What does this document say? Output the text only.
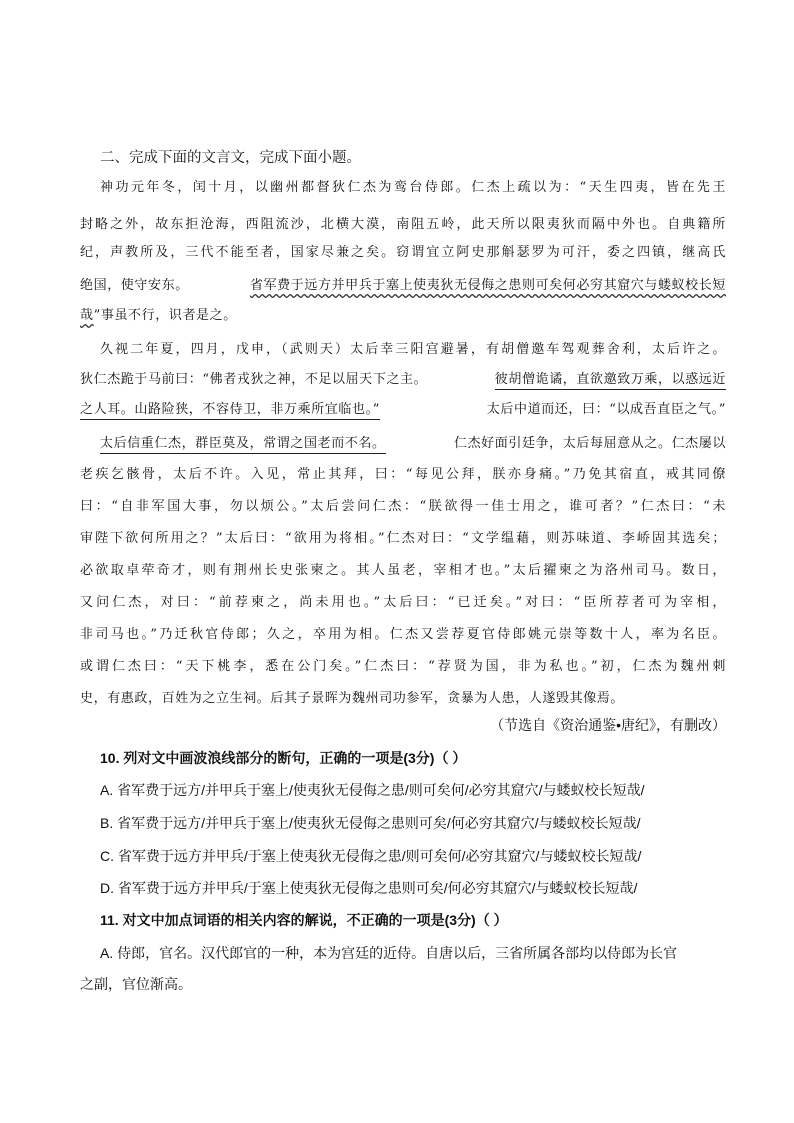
二、完成下面的文言文，完成下面小题。
神功元年冬，闰十月，以幽州都督狄仁杰为鸾台侍郎。仁杰上疏以为：“天生四夷，皆在先王
封略之外，故东拒沧海，西阻流沙，北横大漠，南阻五岭，此天所以限夷狄而隔中外也。自典籍所
纪，声教所及，三代不能至者，国家尽兼之矣。窃谓宜立阿史那斛瑟罗为可汗，委之四镇，继高氏
绝国，使守安东。	省军费于远方并甲兵于塞上使夷狄无侵侮之患则可矣何必穷其窟穴与蝼蚁校长短
哉”事虽不行，识者是之。
久视二年夏，四月，戊申，（武则天）太后幸三阳宫避暑，有胡僧邀车驾观葬舍利，太后许之。
狄仁杰跪于马前曰：“佛者戎狄之神，不足以屈天下之主。	彼胡僧诡谲，直欲邀致万乘，以惑远近
之人耳。山路险狭，不容侍卫，非万乘所宜临也。”	太后中道而还，曰：“以成吾直臣之气。”
太后信重仁杰，群臣莫及，常谓之国老而不名。	仁杰好面引廷争，太后每屈意从之。仁杰屡以
老疾乞骸骨，太后不许。入见，常止其拜，曰：“每见公拜，朕亦身痛。”乃免其宿直，戒其同僚
曰：“自非军国大事，勿以烦公。”太后尝问仁杰：“朕欲得一佳士用之，谁可者？”仁杰曰：“未
审陛下欲何所用之？”太后曰：“欲用为将相。”仁杰对曰：“文学缊藉，则苏味道、李峤固其选矣；
必欲取卓荦奇才，则有荆州长史张柬之。其人虽老，宰相才也。”太后擢柬之为洛州司马。数日，
又问仁杰，对曰：“前荐柬之，尚未用也。”太后曰：“已迁矣。”对曰：“臣所荐者可为宰相，
非司马也。”乃迁秋官侍郎；久之，卒用为相。仁杰又尝荐夏官侍郎姚元崇等数十人，率为名臣。
或谓仁杰曰：“天下桃李，悉在公门矣。”仁杰曰：“荐贤为国，非为私也。”初，仁杰为魏州刺
史，有惠政，百姓为之立生祠。后其子景晖为魏州司功参军，贪暴为人患，人遂毁其像焉。
（节选自《资治通鉴•唐纪》，有删改）
10. 列对文中画波浪线部分的断句，正确的一项是(3分)（ ）
A. 省军费于远方/并甲兵于塞上/使夷狄无侵侮之患/则可矣何/必穷其窟穴/与蝼蚁校长短哉/
B. 省军费于远方/并甲兵于塞上/使夷狄无侵侮之患则可矣/何必穷其窟穴/与蝼蚁校长短哉/
C. 省军费于远方并甲兵/于塞上使夷狄无侵侮之患/则可矣何/必穷其窟穴/与蝼蚁校长短哉/
D. 省军费于远方并甲兵/于塞上使夷狄无侵侮之患则可矣/何必穷其窟穴/与蝼蚁校长短哉/
11. 对文中加点词语的相关内容的解说，不正确的一项是(3分)（ ）
A. 侍郎，官名。汉代郎官的一种，本为宫廷的近侍。自唐以后，三省所属各部均以侍郎为长官
之副，官位渐高。
